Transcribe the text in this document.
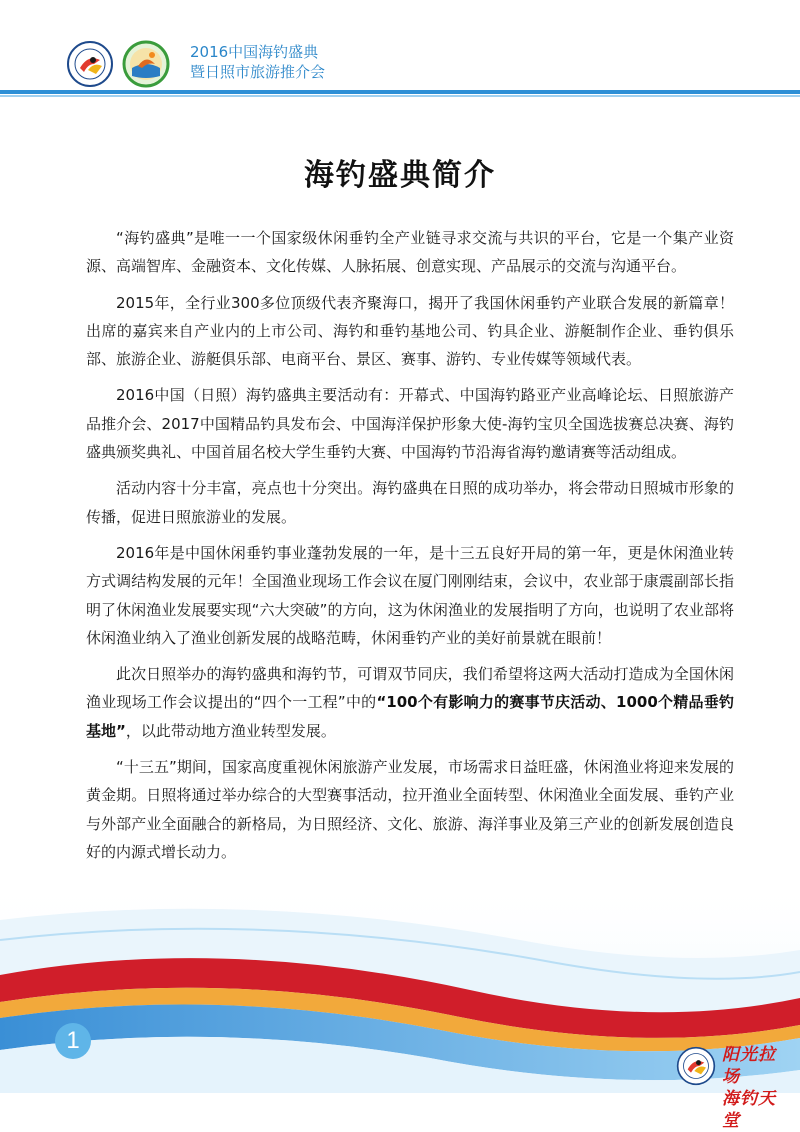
2016中国海钓盛典
暨日照市旅游推介会
海钓盛典简介

“海钓盛典”是唯一一个国家级休闲垂钓全产业链寻求交流与共识的平台，它是一个集产业资源、高端智库、金融资本、文化传媒、人脉拓展、创意实现、产品展示的交流与沟通平台。

2015年，全行业300多位顶级代表齐聚海口，揭开了我国休闲垂钓产业联合发展的新篇章！出席的嘉宾来自产业内的上市公司、海钓和垂钓基地公司、钓具企业、游艇制作企业、垂钓俱乐部、旅游企业、游艇俱乐部、电商平台、景区、赛事、游钓、专业传媒等领域代表。

2016中国（日照）海钓盛典主要活动有：开幕式、中国海钓路亚产业高峰论坛、日照旅游产品推介会、2017中国精品钓具发布会、中国海洋保护形象大使-海钓宝贝全国选拔赛总决赛、海钓盛典颁奖典礼、中国首届名校大学生垂钓大赛、中国海钓节沿海省海钓邀请赛等活动组成。

活动内容十分丰富，亮点也十分突出。海钓盛典在日照的成功举办，将会带动日照城市形象的传播，促进日照旅游业的发展。

2016年是中国休闲垂钓事业蓬勃发展的一年，是十三五良好开局的第一年，更是休闲渔业转方式调结构发展的元年！全国渔业现场工作会议在厦门刚刚结束，会议中，农业部于康震副部长指明了休闲渔业发展要实现“六大突破”的方向，这为休闲渔业的发展指明了方向，也说明了农业部将休闲渔业纳入了渔业创新发展的战略范畴，休闲垂钓产业的美好前景就在眼前！

此次日照举办的海钓盛典和海钓节，可谓双节同庆，我们希望将这两大活动打造成为全国休闲渔业现场工作会议提出的“四个一工程”中的“100个有影响力的赛事节庆活动、1000个精品垂钓基地”，以此带动地方渔业转型发展。

“十三五”期间，国家高度重视休闲旅游产业发展，市场需求日益旺盛，休闲渔业将迎来发展的黄金期。日照将通过举办综合的大型赛事活动，拉开渔业全面转型、休闲渔业全面发展、垂钓产业与外部产业全面融合的新格局，为日照经济、文化、旅游、海洋事业及第三产业的创新发展创造良好的内源式增长动力。

1
阳光拉场
海钓天堂
